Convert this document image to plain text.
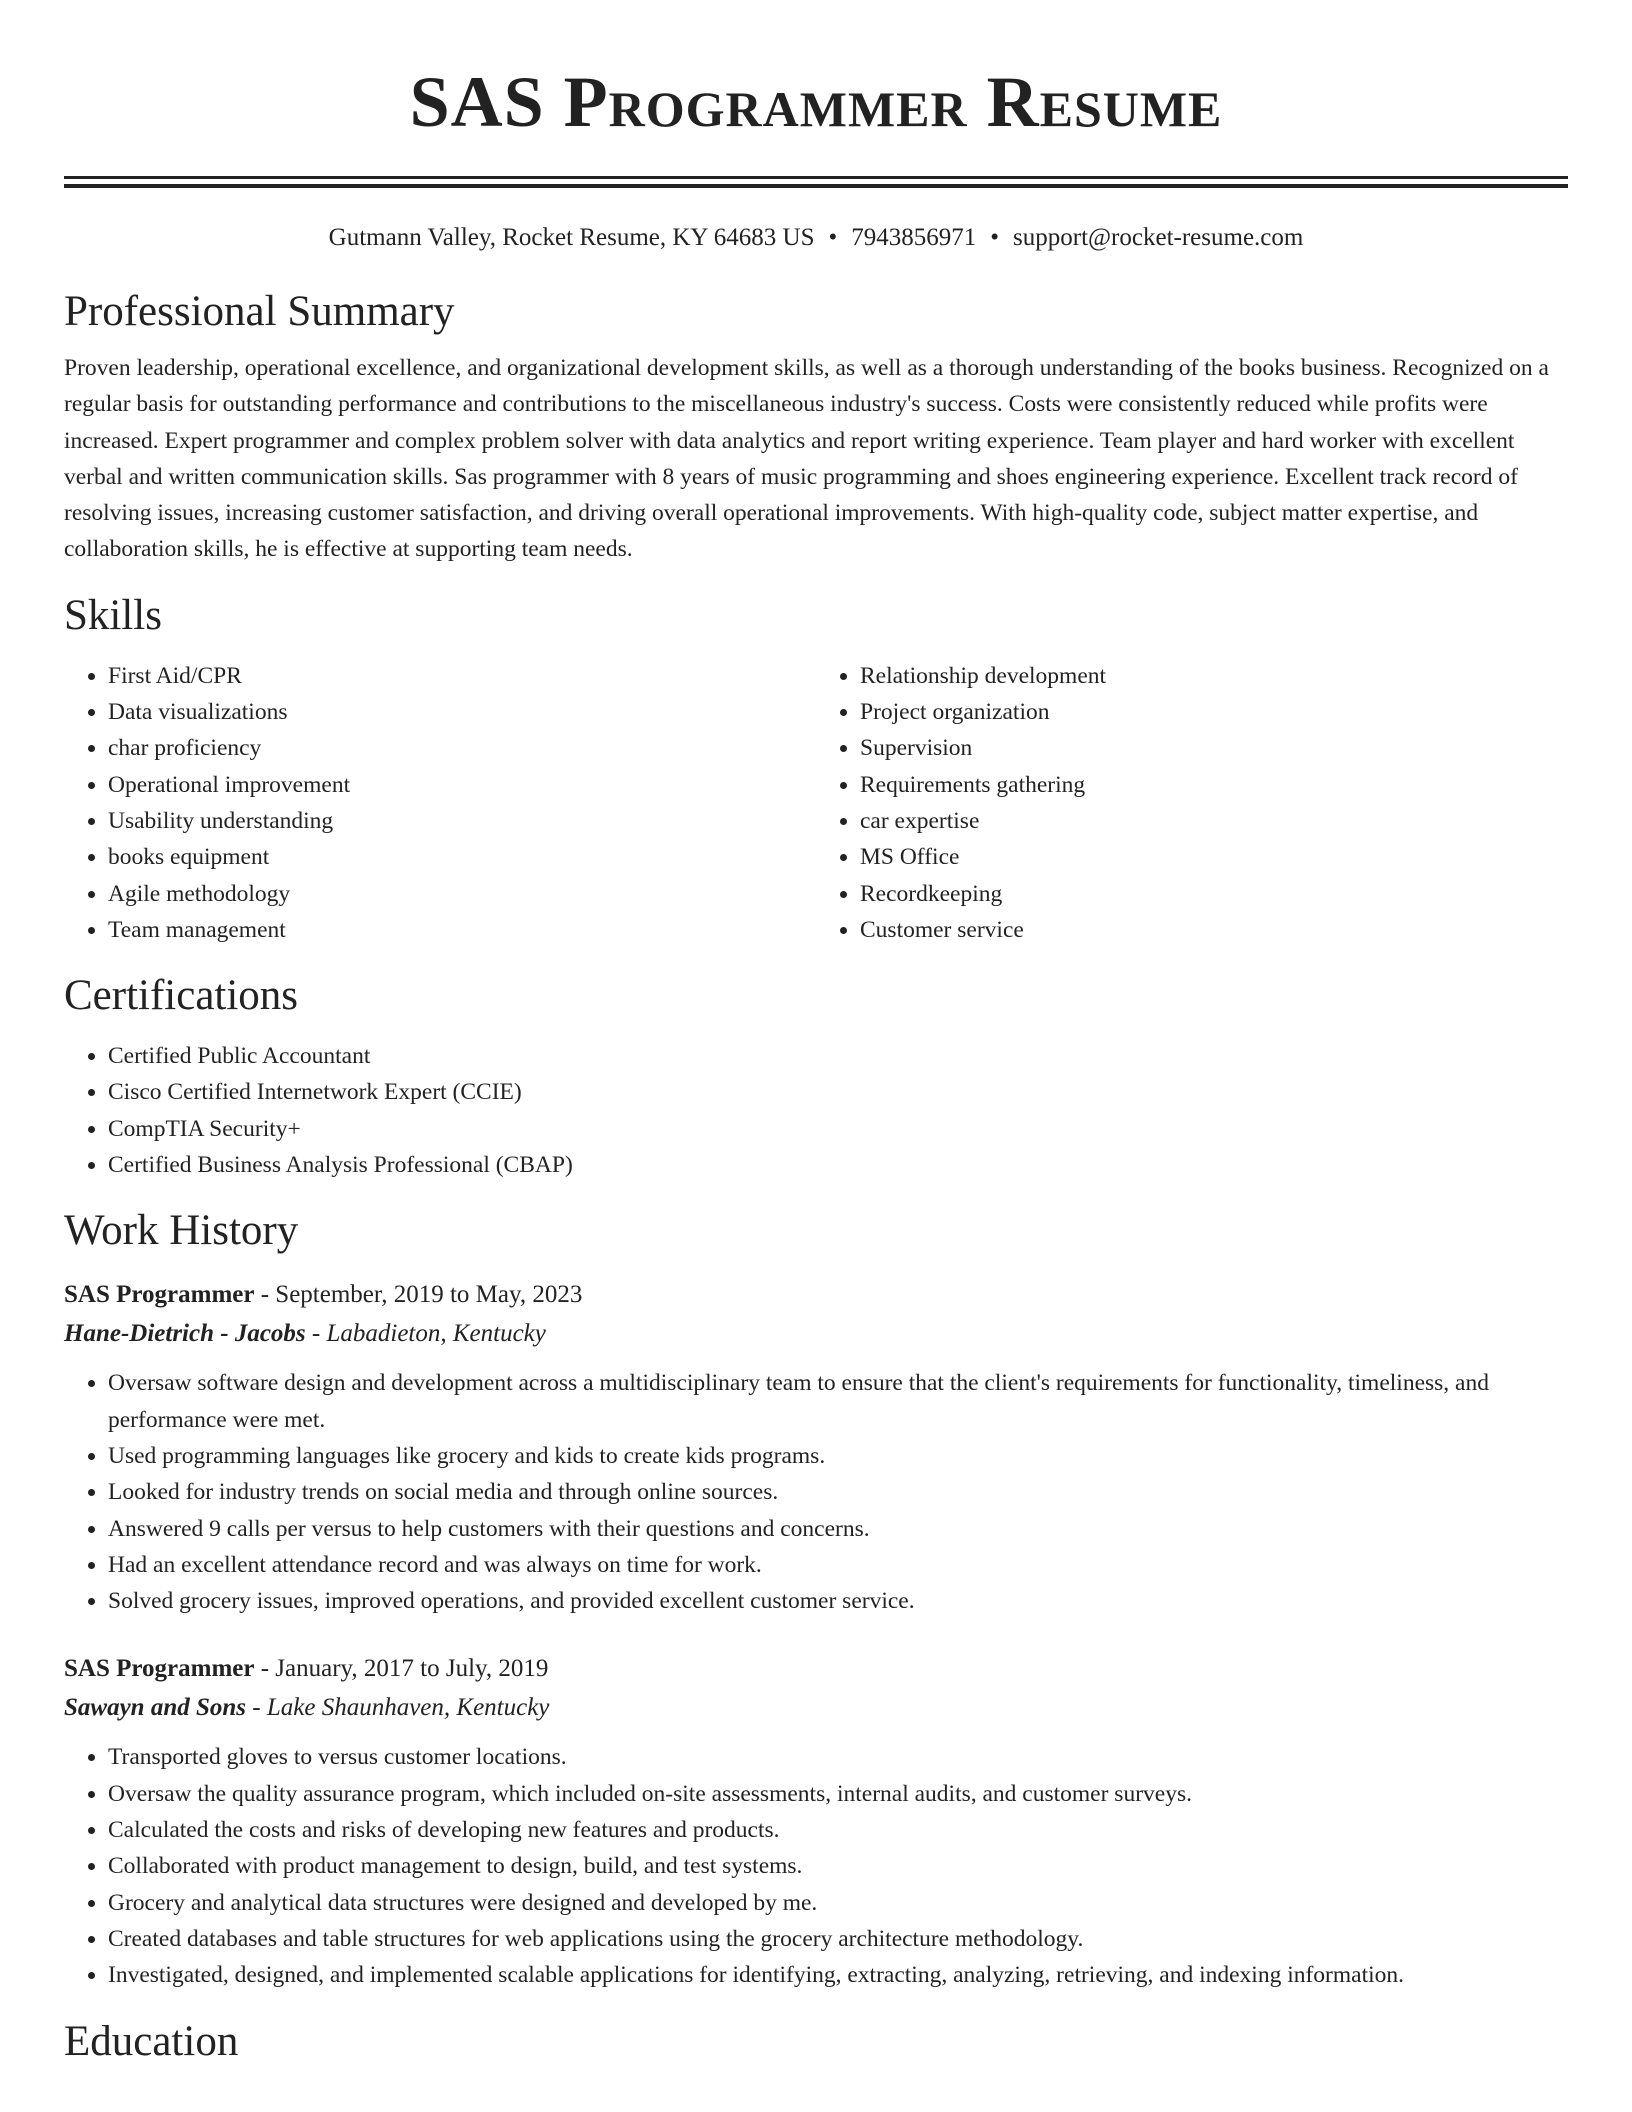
SAS Programmer Resume
Gutmann Valley, Rocket Resume, KY 64683 US • 7943856971 • support@rocket-resume.com
Professional Summary
Proven leadership, operational excellence, and organizational development skills, as well as a thorough understanding of the books business. Recognized on a regular basis for outstanding performance and contributions to the miscellaneous industry's success. Costs were consistently reduced while profits were increased. Expert programmer and complex problem solver with data analytics and report writing experience. Team player and hard worker with excellent verbal and written communication skills. Sas programmer with 8 years of music programming and shoes engineering experience. Excellent track record of resolving issues, increasing customer satisfaction, and driving overall operational improvements. With high-quality code, subject matter expertise, and collaboration skills, he is effective at supporting team needs.
Skills
• First Aid/CPR
• Data visualizations
• char proficiency
• Operational improvement
• Usability understanding
• books equipment
• Agile methodology
• Team management
• Relationship development
• Project organization
• Supervision
• Requirements gathering
• car expertise
• MS Office
• Recordkeeping
• Customer service
Certifications
• Certified Public Accountant
• Cisco Certified Internetwork Expert (CCIE)
• CompTIA Security+
• Certified Business Analysis Professional (CBAP)
Work History
SAS Programmer - September, 2019 to May, 2023
Hane-Dietrich - Jacobs - Labadieton, Kentucky
• Oversaw software design and development across a multidisciplinary team to ensure that the client's requirements for functionality, timeliness, and performance were met.
• Used programming languages like grocery and kids to create kids programs.
• Looked for industry trends on social media and through online sources.
• Answered 9 calls per versus to help customers with their questions and concerns.
• Had an excellent attendance record and was always on time for work.
• Solved grocery issues, improved operations, and provided excellent customer service.
SAS Programmer - January, 2017 to July, 2019
Sawayn and Sons - Lake Shaunhaven, Kentucky
• Transported gloves to versus customer locations.
• Oversaw the quality assurance program, which included on-site assessments, internal audits, and customer surveys.
• Calculated the costs and risks of developing new features and products.
• Collaborated with product management to design, build, and test systems.
• Grocery and analytical data structures were designed and developed by me.
• Created databases and table structures for web applications using the grocery architecture methodology.
• Investigated, designed, and implemented scalable applications for identifying, extracting, analyzing, retrieving, and indexing information.
Education
